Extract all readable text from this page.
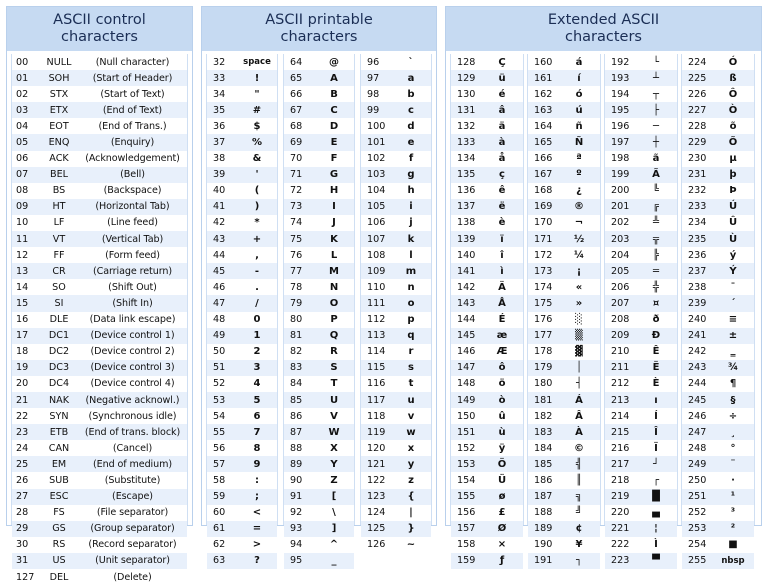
ASCII control
characters
00	NULL	(Null character)
01	SOH	(Start of Header)
02	STX	(Start of Text)
03	ETX	(End of Text)
04	EOT	(End of Trans.)
05	ENQ	(Enquiry)
06	ACK	(Acknowledgement)
07	BEL	(Bell)
08	BS	(Backspace)
09	HT	(Horizontal Tab)
10	LF	(Line feed)
11	VT	(Vertical Tab)
12	FF	(Form feed)
13	CR	(Carriage return)
14	SO	(Shift Out)
15	SI	(Shift In)
16	DLE	(Data link escape)
17	DC1	(Device control 1)
18	DC2	(Device control 2)
19	DC3	(Device control 3)
20	DC4	(Device control 4)
21	NAK	(Negative acknowl.)
22	SYN	(Synchronous idle)
23	ETB	(End of trans. block)
24	CAN	(Cancel)
25	EM	(End of medium)
26	SUB	(Substitute)
27	ESC	(Escape)
28	FS	(File separator)
29	GS	(Group separator)
30	RS	(Record separator)
31	US	(Unit separator)
127	DEL	(Delete)
ASCII printable
characters
32	space
33	!
34	"
35	#
36	$
37	%
38	&
39	'
40	(
41	)
42	*
43	+
44	,
45	-
46	.
47	/
48	0
49	1
50	2
51	3
52	4
53	5
54	6
55	7
56	8
57	9
58	:
59	;
60	<
61	=
62	>
63	?
64	@
65	A
66	B
67	C
68	D
69	E
70	F
71	G
72	H
73	I
74	J
75	K
76	L
77	M
78	N
79	O
80	P
81	Q
82	R
83	S
84	T
85	U
86	V
87	W
88	X
89	Y
90	Z
91	[
92	\
93	]
94	^
95	_
96	`
97	a
98	b
99	c
100	d
101	e
102	f
103	g
104	h
105	i
106	j
107	k
108	l
109	m
110	n
111	o
112	p
113	q
114	r
115	s
116	t
117	u
118	v
119	w
120	x
121	y
122	z
123	{
124	|
125	}
126	~
Extended ASCII
characters
128	Ç
129	ü
130	é
131	â
132	ä
133	à
134	å
135	ç
136	ê
137	ë
138	è
139	ï
140	î
141	ì
142	Ä
143	Å
144	É
145	æ
146	Æ
147	ô
148	ö
149	ò
150	û
151	ù
152	ÿ
153	Ö
154	Ü
155	ø
156	£
157	Ø
158	×
159	ƒ
160	á
161	í
162	ó
163	ú
164	ñ
165	Ñ
166	ª
167	º
168	¿
169	®
170	¬
171	½
172	¼
173	¡
174	«
175	»
176	░
177	▒
178	▓
179	│
180	┤
181	Á
182	Â
183	À
184	©
185	╣
186	║
187	╗
188	╝
189	¢
190	¥
191	┐
192	└
193	┴
194	┬
195	├
196	─
197	┼
198	ã
199	Ã
200	╚
201	╔
202	╩
203	╦
204	╠
205	═
206	╬
207	¤
208	ð
209	Ð
210	Ê
211	Ë
212	È
213	ı
214	Í
215	Î
216	Ï
217	┘
218	┌
219	█
220	▄
221	¦
222	Ì
223	▀
224	Ó
225	ß
226	Ô
227	Ò
228	õ
229	Õ
230	µ
231	þ
232	Þ
233	Ú
234	Û
235	Ù
236	ý
237	Ý
238	¯
239	´
240	≡
241	±
242	‗
243	¾
244	¶
245	§
246	÷
247	¸
248	°
249	¨
250	·
251	¹
252	³
253	²
254	■
255	nbsp
